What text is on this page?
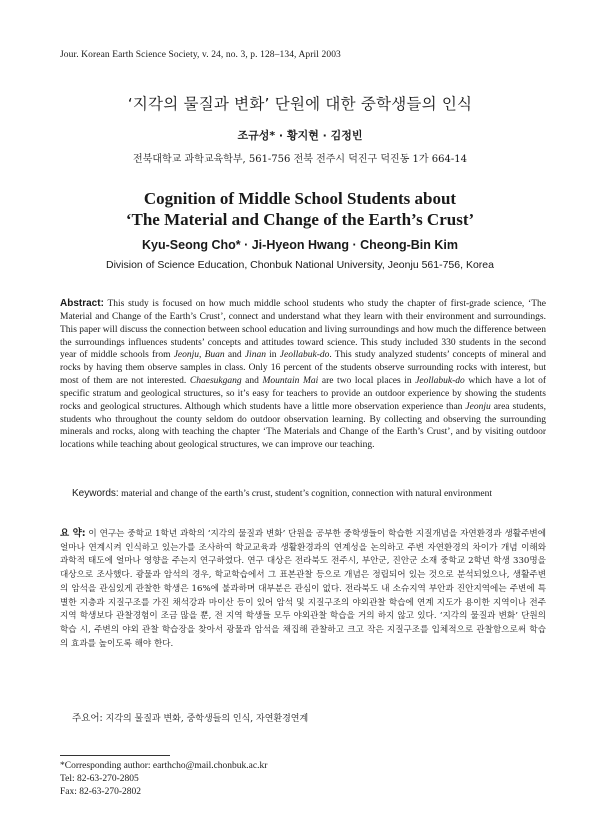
Jour. Korean Earth Science Society, v. 24, no. 3, p. 128–134, April 2003
‘지각의 물질과 변화’ 단원에 대한 중학생들의 인식
조규성* · 황지현 · 김정빈
전북대학교 과학교육학부, 561-756 전북 전주시 덕진구 덕진동 1가 664-14
Cognition of Middle School Students about
‘The Material and Change of the Earth’s Crust’
Kyu-Seong Cho* · Ji-Hyeon Hwang · Cheong-Bin Kim
Division of Science Education, Chonbuk National University, Jeonju 561-756, Korea
Abstract: This study is focused on how much middle school students who study the chapter of first-grade science, ‘The Material and Change of the Earth’s Crust’, connect and understand what they learn with their environment and surroundings. This paper will discuss the connection between school education and living surroundings and how much the difference between the surroundings influences students’ concepts and attitudes toward science. This study included 330 students in the second year of middle schools from Jeonju, Buan and Jinan in Jeollabuk-do. This study analyzed students’ concepts of mineral and rocks by having them observe samples in class. Only 16 percent of the students observe surrounding rocks with interest, but most of them are not interested. Chaesukgang and Mountain Mai are two local places in Jeollabuk-do which have a lot of specific stratum and geological structures, so it’s easy for teachers to provide an outdoor experience by showing the students rocks and geological structures. Although which students have a little more observation experience than Jeonju area students, students who throughout the county seldom do outdoor observation learning. By collecting and observing the surrounding minerals and rocks, along with teaching the chapter ‘The Materials and Change of the Earth’s Crust’, and by visiting outdoor locations while teaching about geological structures, we can improve our teaching.
Keywords: material and change of the earth’s crust, student’s cognition, connection with natural environment
요 약: 이 연구는 중학교 1학년 과학의 ‘지각의 물질과 변화’ 단원을 공부한 중학생들이 학습한 지질개념을 자연환경과 생활주변에 얼마나 연계시켜 인식하고 있는가를 조사하여 학교교육과 생활환경과의 연계성을 논의하고 주변 자연환경의 차이가 개념 이해와 과학적 태도에 얼마나 영향을 주는지 연구하였다. 연구 대상은 전라북도 전주시, 부안군, 진안군 소재 중학교 2학년 학생 330명을 대상으로 조사했다. 광물과 암석의 경우, 학교학습에서 그 표본관찰 등으로 개념은 정립되어 있는 것으로 분석되었으나, 생활주변의 암석을 관심있게 관찰한 학생은 16%에 불과하며 대부분은 관심이 없다. 전라북도 내 소슈지역 부안과 진안지역에는 주변에 특별한 지층과 지질구조를 가진 채석강과 마이산 등이 있어 암석 및 지질구조의 야외관찰 학습에 연계 지도가 용이한 지역이나 전주지역 학생보다 관찰경험이 조금 많을 뿐, 전 지역 학생들 모두 야외관찰 학습을 거의 하지 않고 있다. ‘지각의 물질과 변화’ 단원의 학습 시, 주변의 야외 관찰 학습장을 찾아서 광물과 암석을 채집해 관찰하고 크고 작은 지질구조를 입체적으로 관찰함으로써 학습의 효과를 높이도록 해야 한다.
주요어: 지각의 물질과 변화, 중학생들의 인식, 자연환경연계
*Corresponding author: earthcho@mail.chonbuk.ac.kr
Tel: 82-63-270-2805
Fax: 82-63-270-2802
